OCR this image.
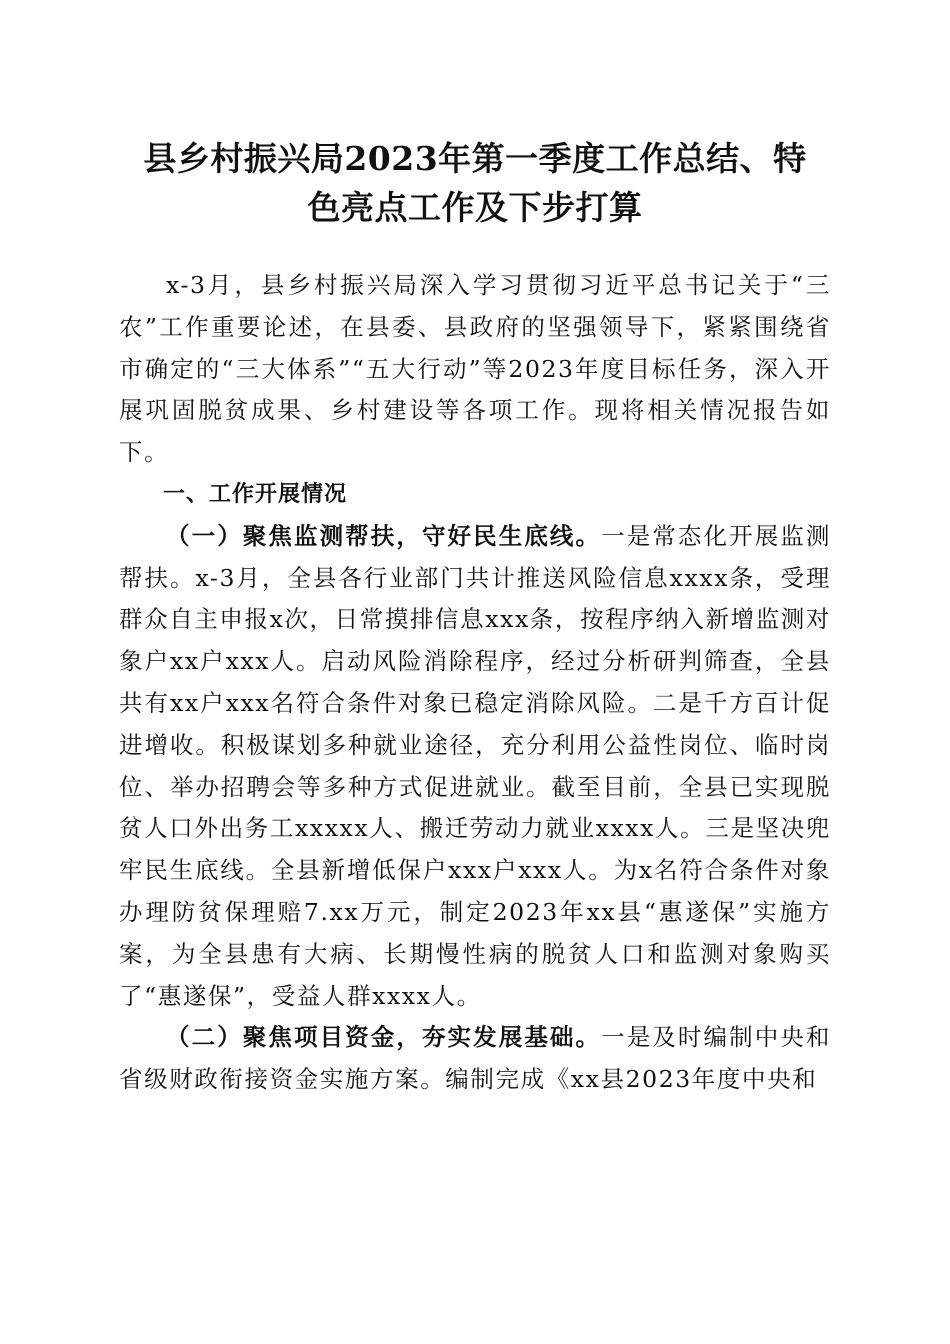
县乡村振兴局2023年第一季度工作总结、特
色亮点工作及下步打算

x-3月，县乡村振兴局深入学习贯彻习近平总书记关于“三农”工作重要论述，在县委、县政府的坚强领导下，紧紧围绕省市确定的“三大体系”“五大行动”等2023年度目标任务，深入开展巩固脱贫成果、乡村建设等各项工作。现将相关情况报告如下。

一、工作开展情况

（一）聚焦监测帮扶，守好民生底线。一是常态化开展监测帮扶。x-3月，全县各行业部门共计推送风险信息xxxx条，受理群众自主申报x次，日常摸排信息xxx条，按程序纳入新增监测对象户xx户xxx人。启动风险消除程序，经过分析研判筛查，全县共有xx户xxx名符合条件对象已稳定消除风险。二是千方百计促进增收。积极谋划多种就业途径，充分利用公益性岗位、临时岗位、举办招聘会等多种方式促进就业。截至目前，全县已实现脱贫人口外出务工xxxxx人、搬迁劳动力就业xxxx人。三是坚决兜牢民生底线。全县新增低保户xxx户xxx人。为x名符合条件对象办理防贫保理赔7.xx万元，制定2023年xx县“惠遂保”实施方案，为全县患有大病、长期慢性病的脱贫人口和监测对象购买了“惠遂保”，受益人群xxxx人。

（二）聚焦项目资金，夯实发展基础。一是及时编制中央和省级财政衔接资金实施方案。编制完成《xx县2023年度中央和
